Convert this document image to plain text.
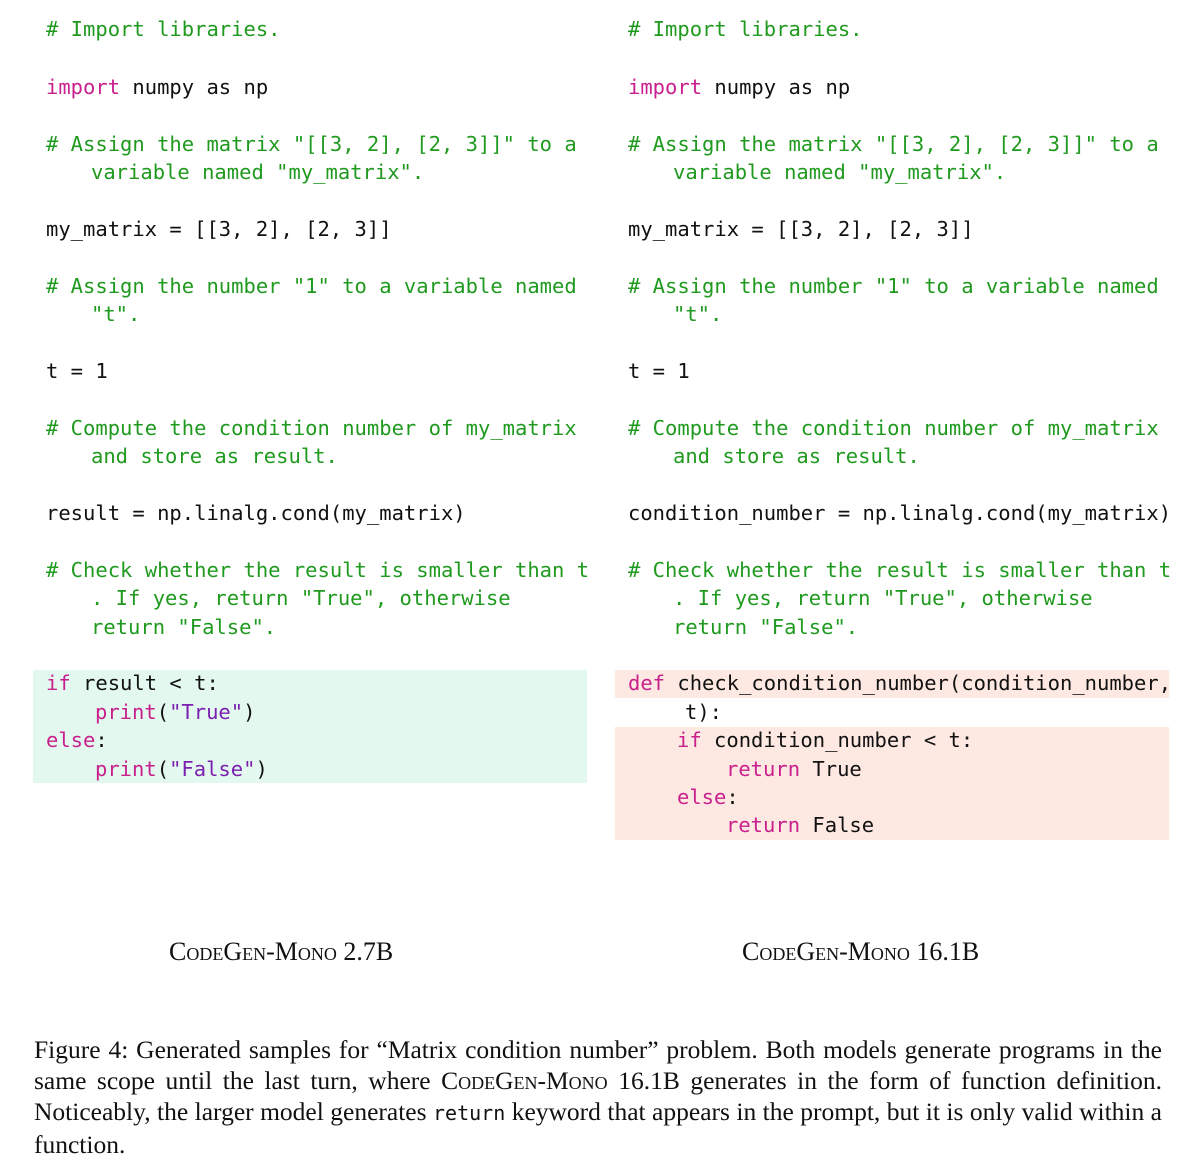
# Import libraries.

import numpy as np

# Assign the matrix "[[3, 2], [2, 3]]" to a

variable named "my_matrix".

my_matrix = [[3, 2], [2, 3]]

# Assign the number "1" to a variable named

"t".

t = 1

# Compute the condition number of my_matrix

and store as result.

result = np.linalg.cond(my_matrix)

# Check whether the result is smaller than t

. If yes, return "True", otherwise

return "False".

if result < t:

print("True")

else:

print("False")

CodeGen-Mono 2.7B

# Import libraries.

import numpy as np

# Assign the matrix "[[3, 2], [2, 3]]" to a

variable named "my_matrix".

my_matrix = [[3, 2], [2, 3]]

# Assign the number "1" to a variable named

"t".

t = 1

# Compute the condition number of my_matrix

and store as result.

condition_number = np.linalg.cond(my_matrix)

# Check whether the result is smaller than t

. If yes, return "True", otherwise

return "False".

def check_condition_number(condition_number,

t):

if condition_number < t:

return True

else:

return False

CodeGen-Mono 16.1B
Figure 4: Generated samples for “Matrix condition number” problem. Both models generate programs in the same scope until the last turn, where CodeGen-Mono 16.1B generates in the form of function definition. Noticeably, the larger model generates return keyword that appears in the prompt, but it is only valid within a function.
